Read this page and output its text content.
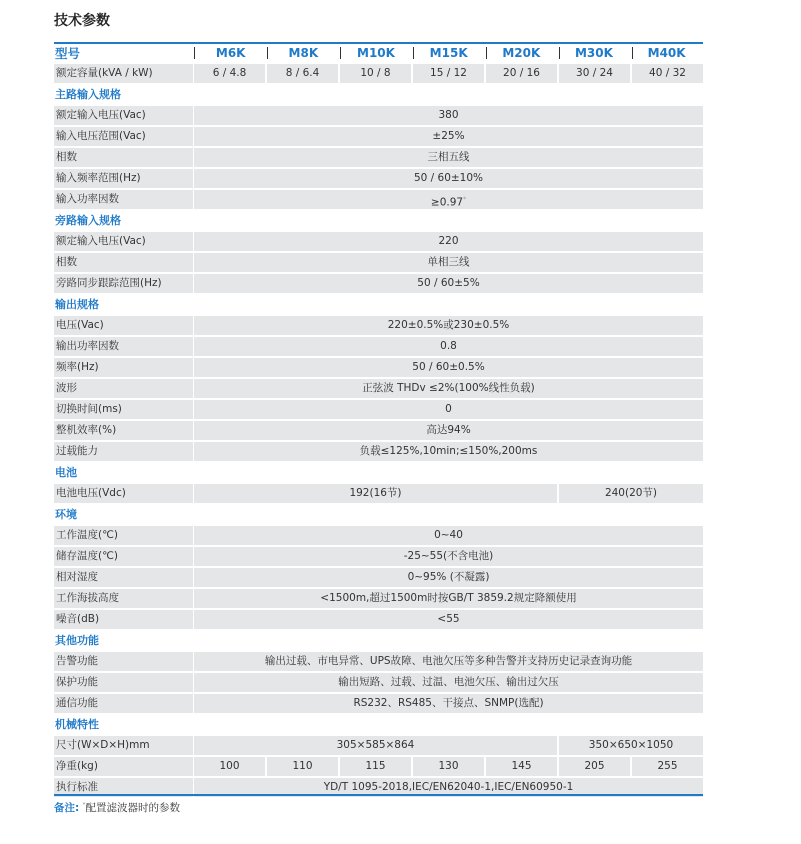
技术参数
型号	M6K	M8K	M10K	M15K	M20K	M30K	M40K
额定容量(kVA / kW)	6 / 4.8	8 / 6.4	10 / 8	15 / 12	20 / 16	30 / 24	40 / 32
主路输入规格
额定输入电压(Vac)	380
输入电压范围(Vac)	±25%
相数	三相五线
输入频率范围(Hz)	50 / 60±10%
输入功率因数	≥0.97*
旁路输入规格
额定输入电压(Vac)	220
相数	单相三线
旁路同步跟踪范围(Hz)	50 / 60±5%
输出规格
电压(Vac)	220±0.5%或230±0.5%
输出功率因数	0.8
频率(Hz)	50 / 60±0.5%
波形	正弦波 THDv ≤2%(100%线性负载)
切换时间(ms)	0
整机效率(%)	高达94%
过载能力	负载≤125%,10min;≤150%,200ms
电池
电池电压(Vdc)	192(16节)	240(20节)
环境
工作温度(℃)	0~40
储存温度(℃)	-25~55(不含电池)
相对湿度	0~95% (不凝露)
工作海拔高度	<1500m,超过1500m时按GB/T 3859.2规定降额使用
噪音(dB)	<55
其他功能
告警功能	输出过载、市电异常、UPS故障、电池欠压等多种告警并支持历史记录查询功能
保护功能	输出短路、过载、过温、电池欠压、输出过欠压
通信功能	RS232、RS485、干接点、SNMP(选配)
机械特性
尺寸(W×D×H)mm	305×585×864	350×650×1050
净重(kg)	100	110	115	130	145	205	255
执行标准	YD/T 1095-2018,IEC/EN62040-1,IEC/EN60950-1
备注: *配置滤波器时的参数
